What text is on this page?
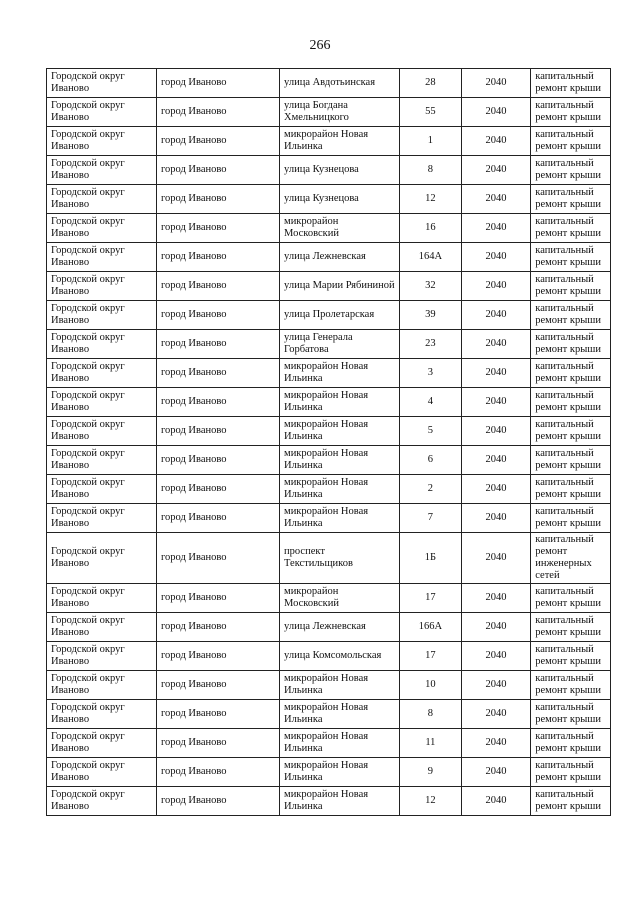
266
Городской округ Иваново	город Иваново	улица Авдотьинская	28	2040	капитальный ремонт крыши
Городской округ Иваново	город Иваново	улица Богдана Хмельницкого	55	2040	капитальный ремонт крыши
Городской округ Иваново	город Иваново	микрорайон Новая Ильинка	1	2040	капитальный ремонт крыши
Городской округ Иваново	город Иваново	улица Кузнецова	8	2040	капитальный ремонт крыши
Городской округ Иваново	город Иваново	улица Кузнецова	12	2040	капитальный ремонт крыши
Городской округ Иваново	город Иваново	микрорайон Московский	16	2040	капитальный ремонт крыши
Городской округ Иваново	город Иваново	улица Лежневская	164А	2040	капитальный ремонт крыши
Городской округ Иваново	город Иваново	улица Марии Рябининой	32	2040	капитальный ремонт крыши
Городской округ Иваново	город Иваново	улица Пролетарская	39	2040	капитальный ремонт крыши
Городской округ Иваново	город Иваново	улица Генерала Горбатова	23	2040	капитальный ремонт крыши
Городской округ Иваново	город Иваново	микрорайон Новая Ильинка	3	2040	капитальный ремонт крыши
Городской округ Иваново	город Иваново	микрорайон Новая Ильинка	4	2040	капитальный ремонт крыши
Городской округ Иваново	город Иваново	микрорайон Новая Ильинка	5	2040	капитальный ремонт крыши
Городской округ Иваново	город Иваново	микрорайон Новая Ильинка	6	2040	капитальный ремонт крыши
Городской округ Иваново	город Иваново	микрорайон Новая Ильинка	2	2040	капитальный ремонт крыши
Городской округ Иваново	город Иваново	микрорайон Новая Ильинка	7	2040	капитальный ремонт крыши
Городской округ Иваново	город Иваново	проспект Текстильщиков	1Б	2040	капитальный ремонт инженерных сетей
Городской округ Иваново	город Иваново	микрорайон Московский	17	2040	капитальный ремонт крыши
Городской округ Иваново	город Иваново	улица Лежневская	166А	2040	капитальный ремонт крыши
Городской округ Иваново	город Иваново	улица Комсомольская	17	2040	капитальный ремонт крыши
Городской округ Иваново	город Иваново	микрорайон Новая Ильинка	10	2040	капитальный ремонт крыши
Городской округ Иваново	город Иваново	микрорайон Новая Ильинка	8	2040	капитальный ремонт крыши
Городской округ Иваново	город Иваново	микрорайон Новая Ильинка	11	2040	капитальный ремонт крыши
Городской округ Иваново	город Иваново	микрорайон Новая Ильинка	9	2040	капитальный ремонт крыши
Городской округ Иваново	город Иваново	микрорайон Новая Ильинка	12	2040	капитальный ремонт крыши
